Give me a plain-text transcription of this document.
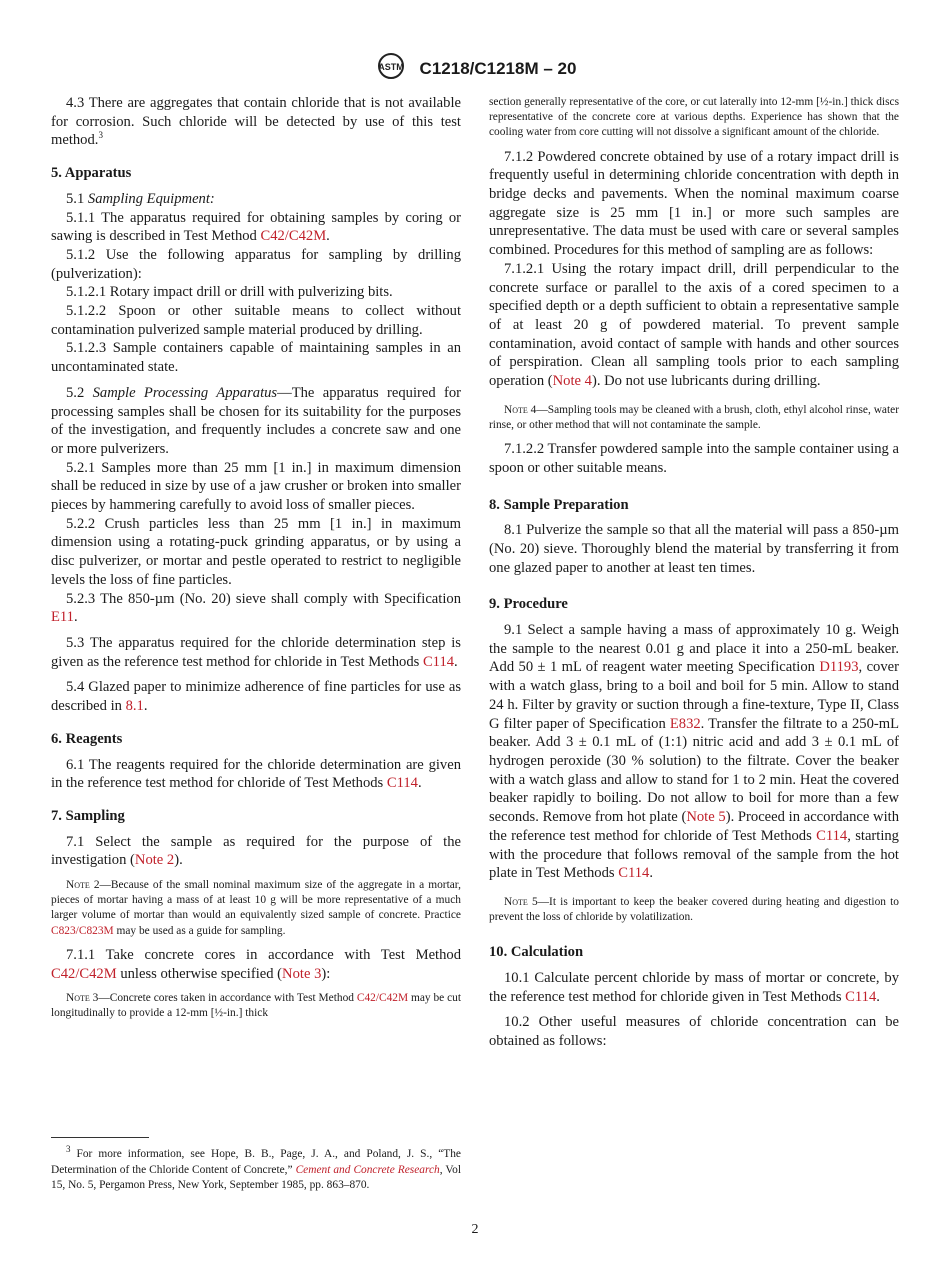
ASTM C1218/C1218M – 20

4.3 There are aggregates that contain chloride that is not available for corrosion. Such chloride will be detected by use of this test method.$^3$

5. Apparatus

5.1 Sampling Equipment:

5.1.1 The apparatus required for obtaining samples by coring or sawing is described in Test Method C42/C42M.

5.1.2 Use the following apparatus for sampling by drilling (pulverization):

5.1.2.1 Rotary impact drill or drill with pulverizing bits.

5.1.2.2 Spoon or other suitable means to collect without contamination pulverized sample material produced by drilling.

5.1.2.3 Sample containers capable of maintaining samples in an uncontaminated state.

5.2 Sample Processing Apparatus—The apparatus required for processing samples shall be chosen for its suitability for the purposes of the investigation, and frequently includes a concrete saw and one or more pulverizers.

5.2.1 Samples more than 25 mm [1 in.] in maximum dimension shall be reduced in size by use of a jaw crusher or broken into smaller pieces by hammering carefully to avoid loss of smaller pieces.

5.2.2 Crush particles less than 25 mm [1 in.] in maximum dimension using a rotating-puck grinding apparatus, or by using a disc pulverizer, or mortar and pestle operated to restrict to negligible levels the loss of fine particles.

5.2.3 The 850-µm (No. 20) sieve shall comply with Specification E11.

5.3 The apparatus required for the chloride determination step is given as the reference test method for chloride in Test Methods C114.

5.4 Glazed paper to minimize adherence of fine particles for use as described in 8.1.

6. Reagents

6.1 The reagents required for the chloride determination are given in the reference test method for chloride of Test Methods C114.

7. Sampling

7.1 Select the sample as required for the purpose of the investigation (Note 2).

Note 2—Because of the small nominal maximum size of the aggregate in a mortar, pieces of mortar having a mass of at least 10 g will be more representative of a much larger volume of mortar than would an equivalently sized sample of concrete. Practice C823/C823M may be used as a guide for sampling.

7.1.1 Take concrete cores in accordance with Test Method C42/C42M unless otherwise specified (Note 3):

Note 3—Concrete cores taken in accordance with Test Method C42/C42M may be cut longitudinally to provide a 12-mm [½-in.] thick

$^3$ For more information, see Hope, B. B., Page, J. A., and Poland, J. S., “The Determination of the Chloride Content of Concrete,” Cement and Concrete Research, Vol 15, No. 5, Pergamon Press, New York, September 1985, pp. 863–870.

section generally representative of the core, or cut laterally into 12-mm [½-in.] thick discs representative of the concrete core at various depths. Experience has shown that the cooling water from core cutting will not dissolve a significant amount of the chloride.

7.1.2 Powdered concrete obtained by use of a rotary impact drill is frequently useful in determining chloride concentration with depth in bridge decks and pavements. When the nominal maximum coarse aggregate size is 25 mm [1 in.] or more such samples are unrepresentative. The data must be used with care or several samples combined. Procedures for this method of sampling are as follows:

7.1.2.1 Using the rotary impact drill, drill perpendicular to the concrete surface or parallel to the axis of a cored specimen to a specified depth or a depth sufficient to obtain a representative sample of at least 20 g of powdered material. To prevent sample contamination, avoid contact of sample with hands and other sources of perspiration. Clean all sampling tools prior to each sampling operation (Note 4). Do not use lubricants during drilling.

Note 4—Sampling tools may be cleaned with a brush, cloth, ethyl alcohol rinse, water rinse, or other method that will not contaminate the sample.

7.1.2.2 Transfer powdered sample into the sample container using a spoon or other suitable means.

8. Sample Preparation

8.1 Pulverize the sample so that all the material will pass a 850-µm (No. 20) sieve. Thoroughly blend the material by transferring it from one glazed paper to another at least ten times.

9. Procedure

9.1 Select a sample having a mass of approximately 10 g. Weigh the sample to the nearest 0.01 g and place it into a 250-mL beaker. Add 50 ± 1 mL of reagent water meeting Specification D1193, cover with a watch glass, bring to a boil and boil for 5 min. Allow to stand 24 h. Filter by gravity or suction through a fine-texture, Type II, Class G filter paper of Specification E832. Transfer the filtrate to a 250-mL beaker. Add 3 ± 0.1 mL of (1:1) nitric acid and add 3 ± 0.1 mL of hydrogen peroxide (30 % solution) to the filtrate. Cover the beaker with a watch glass and allow to stand for 1 to 2 min. Heat the covered beaker rapidly to boiling. Do not allow to boil for more than a few seconds. Remove from hot plate (Note 5). Proceed in accordance with the reference test method for chloride of Test Methods C114, starting with the procedure that follows removal of the sample from the hot plate in Test Methods C114.

Note 5—It is important to keep the beaker covered during heating and digestion to prevent the loss of chloride by volatilization.

10. Calculation

10.1 Calculate percent chloride by mass of mortar or concrete, by the reference test method for chloride given in Test Methods C114.

10.2 Other useful measures of chloride concentration can be obtained as follows:

2
